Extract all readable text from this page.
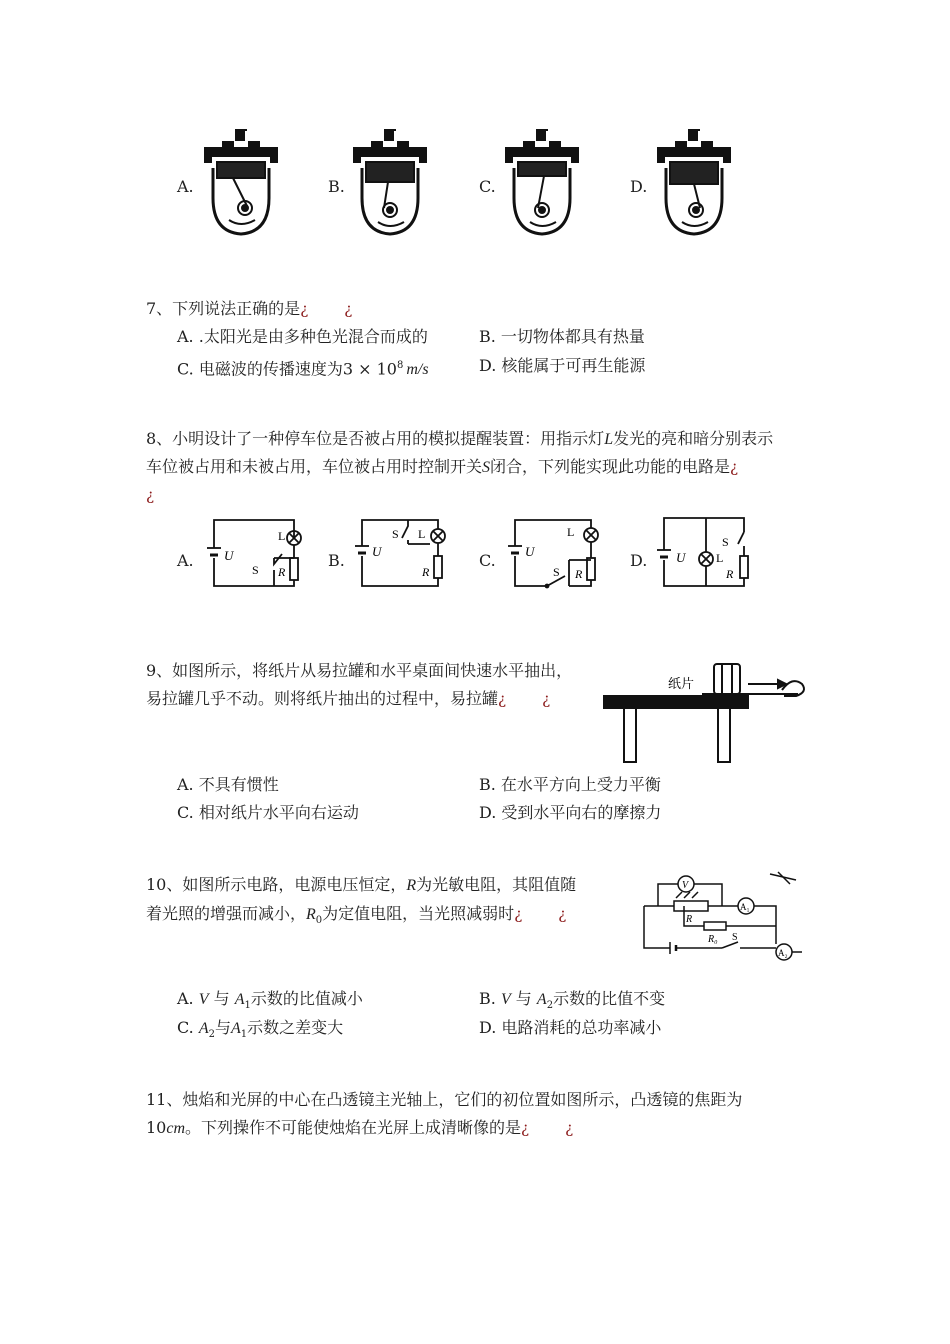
A.	B.	C.	D.
7、下列说法正确的是¿ ¿
A. .太阳光是由多种色光混合而成的	B. 一切物体都具有热量
C. 电磁波的传播速度为$3 \times 10^8$ m/s	D. 核能属于可再生能源
8、小明设计了一种停车位是否被占用的模拟提醒装置：用指示灯L发光的亮和暗分别表示
车位被占用和未被占用，车位被占用时控制开关S闭合，下列能实现此功能的电路是¿
¿
A.	B.	C.	D.
U
L
S R
U
S L
R
U
L
S R
U	L
S
R
9、如图所示，将纸片从易拉罐和水平桌面间快速水平抽出，
易拉罐几乎不动。则将纸片抽出的过程中，易拉罐¿ ¿
纸片
A. 不具有惯性	B. 在水平方向上受力平衡
C. 相对纸片水平向右运动	D. 受到水平向右的摩擦力
10、如图所示电路，电源电压恒定，R为光敏电阻，其阻值随
着光照的增强而减小，$R_0$为定值电阻，当光照减弱时¿ ¿
V
R
A₁
R₀ S
A₂
A. V 与 $A_1$示数的比值减小	B. V 与 $A_2$示数的比值不变
C. $A_2$与$A_1$示数之差变大	D. 电路消耗的总功率减小
11、烛焰和光屏的中心在凸透镜主光轴上，它们的初位置如图所示，凸透镜的焦距为
10cm。下列操作不可能使烛焰在光屏上成清晰像的是¿ ¿
